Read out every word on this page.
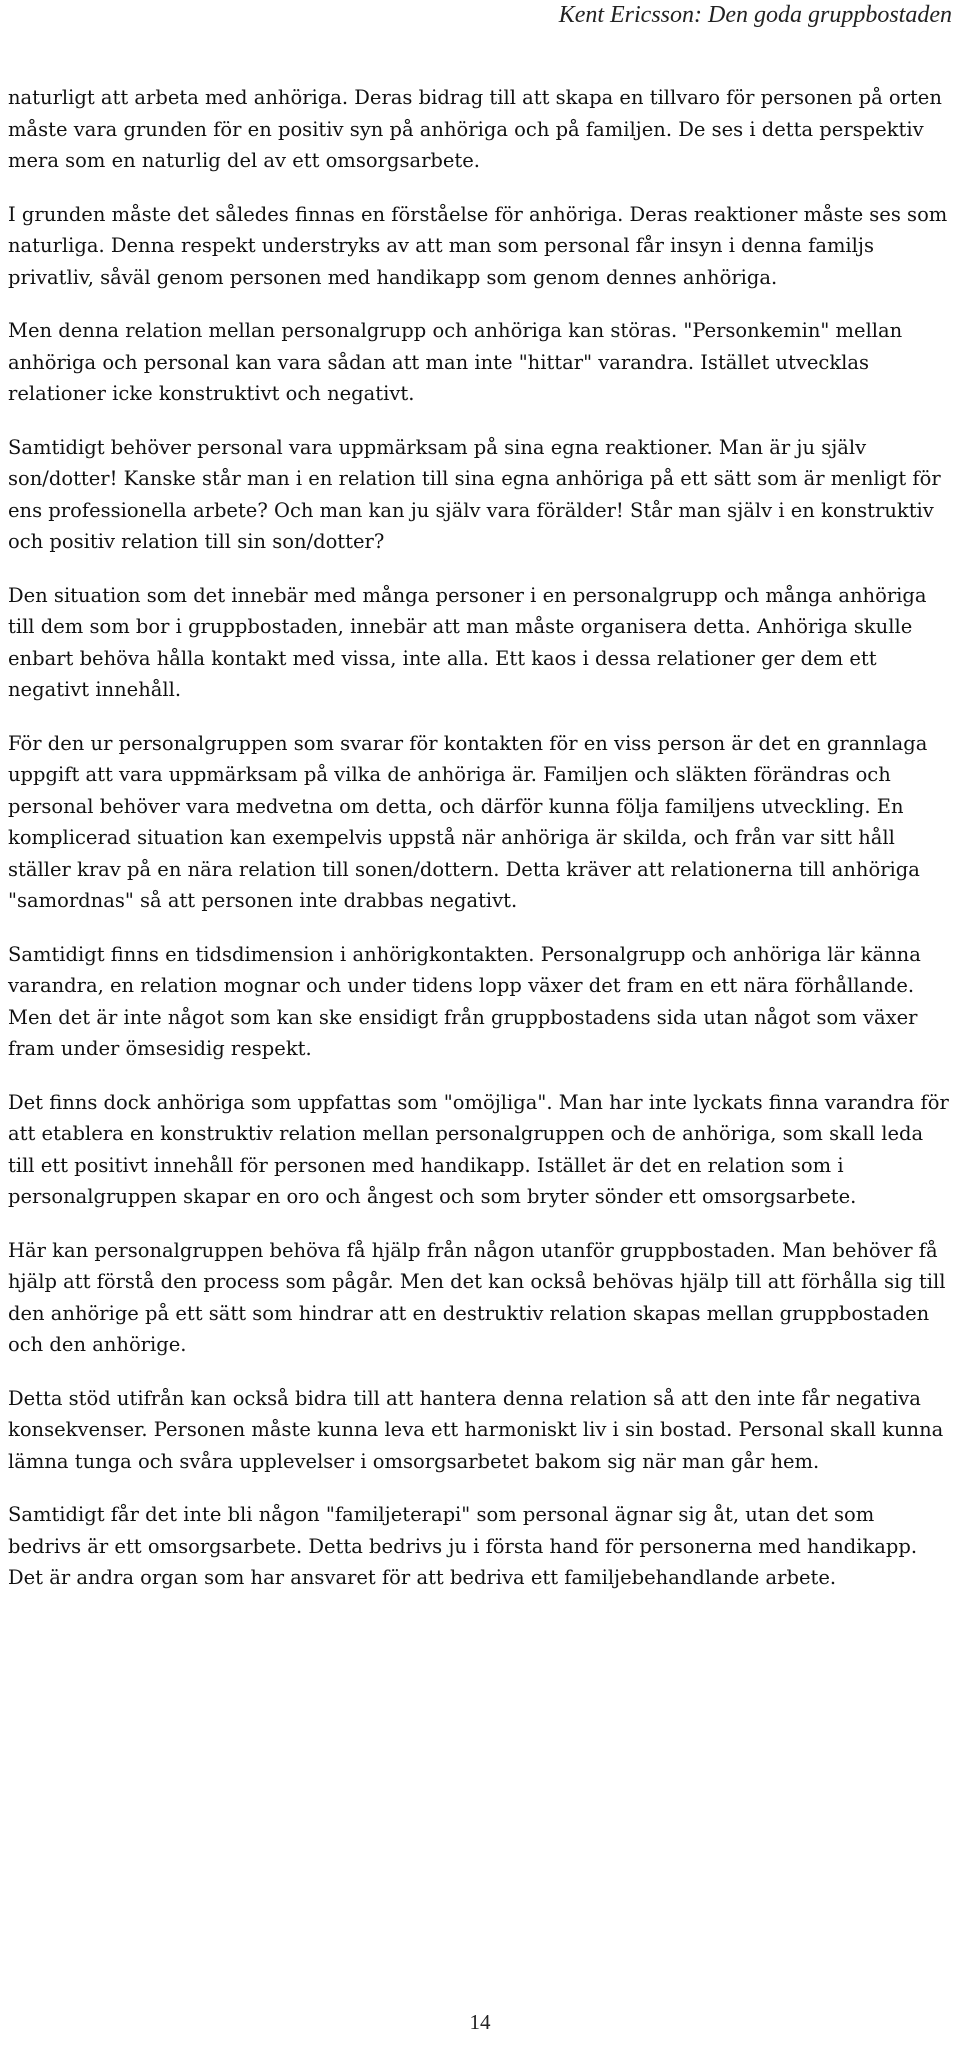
Kent Ericsson: Den goda gruppbostaden

naturligt att arbeta med anhöriga. Deras bidrag till att skapa en tillvaro för personen på orten måste vara grunden för en positiv syn på anhöriga och på familjen. De ses i detta perspektiv mera som en naturlig del av ett omsorgsarbete.

I grunden måste det således finnas en förståelse för anhöriga. Deras reaktioner måste ses som naturliga. Denna respekt understryks av att man som personal får insyn i denna familjs privatliv, såväl genom personen med handikapp som genom dennes anhöriga.

Men denna relation mellan personalgrupp och anhöriga kan störas. "Personkemin" mellan anhöriga och personal kan vara sådan att man inte "hittar" varandra. Istället utvecklas relationer icke konstruktivt och negativt.

Samtidigt behöver personal vara uppmärksam på sina egna reaktioner. Man är ju själv son/dotter! Kanske står man i en relation till sina egna anhöriga på ett sätt som är menligt för ens professionella arbete? Och man kan ju själv vara förälder! Står man själv i en konstruktiv och positiv relation till sin son/dotter?

Den situation som det innebär med många personer i en personalgrupp och många anhöriga till dem som bor i gruppbostaden, innebär att man måste organisera detta. Anhöriga skulle enbart behöva hålla kontakt med vissa, inte alla. Ett kaos i dessa relationer ger dem ett negativt innehåll.

För den ur personalgruppen som svarar för kontakten för en viss person är det en grannlaga uppgift att vara uppmärksam på vilka de anhöriga är. Familjen och släkten förändras och personal behöver vara medvetna om detta, och därför kunna följa familjens utveckling. En komplicerad situation kan exempelvis uppstå när anhöriga är skilda, och från var sitt håll ställer krav på en nära relation till sonen/dottern. Detta kräver att relationerna till anhöriga "samordnas" så att personen inte drabbas negativt.

Samtidigt finns en tidsdimension i anhörigkontakten. Personalgrupp och anhöriga lär känna varandra, en relation mognar och under tidens lopp växer det fram en ett nära förhållande. Men det är inte något som kan ske ensidigt från gruppbostadens sida utan något som växer fram under ömsesidig respekt.

Det finns dock anhöriga som uppfattas som "omöjliga". Man har inte lyckats finna varandra för att etablera en konstruktiv relation mellan personalgruppen och de anhöriga, som skall leda till ett positivt innehåll för personen med handikapp. Istället är det en relation som i personalgruppen skapar en oro och ångest och som bryter sönder ett omsorgsarbete.

Här kan personalgruppen behöva få hjälp från någon utanför gruppbostaden. Man behöver få hjälp att förstå den process som pågår. Men det kan också behövas hjälp till att förhålla sig till den anhörige på ett sätt som hindrar att en destruktiv relation skapas mellan gruppbostaden och den anhörige.

Detta stöd utifrån kan också bidra till att hantera denna relation så att den inte får negativa konsekvenser. Personen måste kunna leva ett harmoniskt liv i sin bostad. Personal skall kunna lämna tunga och svåra upplevelser i omsorgsarbetet bakom sig när man går hem.

Samtidigt får det inte bli någon "familjeterapi" som personal ägnar sig åt, utan det som bedrivs är ett omsorgsarbete. Detta bedrivs ju i första hand för personerna med handikapp. Det är andra organ som har ansvaret för att bedriva ett familjebehandlande arbete.

14
